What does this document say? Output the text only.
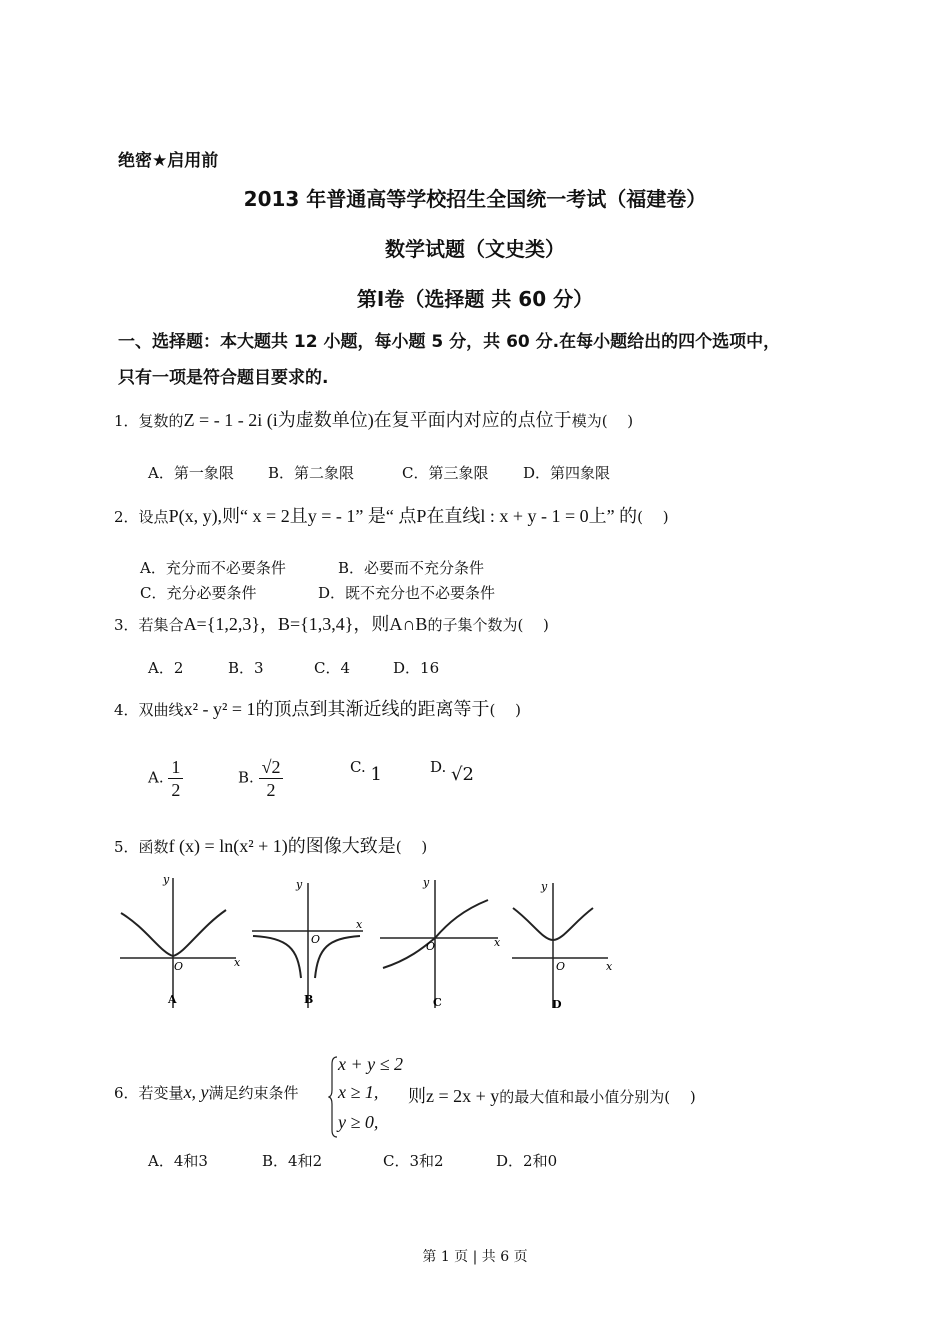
绝密★启用前
2013 年普通高等学校招生全国统一考试（福建卷）
数学试题（文史类）
第Ⅰ卷（选择题 共 60 分）
一、选择题：本大题共 12 小题，每小题 5 分，共 60 分.在每小题给出的四个选项中，
只有一项是符合题目要求的.
1．复数的Z = - 1 - 2i (i为虚数单位)在复平面内对应的点位于模为(　 )
A．第一象限 B．第二象限	C．第三象限 D．第四象限
2．设点P(x, y),则“ x = 2且y = - 1” 是“ 点P在直线l : x + y - 1 = 0上” 的(　 )
A．充分而不必要条件	B．必要而不充分条件
C．充分必要条件	D．既不充分也不必要条件
3．若集合A={1,2,3}，B={1,3,4}，则A∩B的子集个数为(　 )
A．2	B．3	C．4	D．16
4．双曲线x² - y² = 1的顶点到其渐近线的距离等于(　 )
A. $\frac{1}{2}$	B. $\frac{√2}{2}$	C. 1	D. √2
5．函数f (x) = ln(x² + 1)的图像大致是(　 )
y
x
O
A
y
x
O
B
y
x
O
C
y
x
O
D
6．若变量x, y满足约束条件
x + y ≤ 2
x ≥ 1,
y ≥ 0,
则z = 2x + y的最大值和最小值分别为(　 )
A．4和3	B．4和2	C．3和2	D．2和0
第 1 页 | 共 6 页
